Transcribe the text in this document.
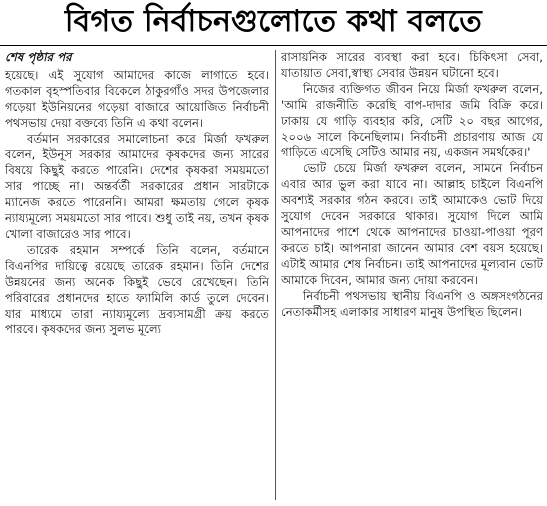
বিগত নির্বাচনগুলোতে কথা বলতে

শেষ পৃষ্ঠার পর

হয়েছে। এই সুযোগ আমাদের কাজে লাগাতে হবে। গতকাল বৃহস্পতিবার বিকেলে ঠাকুরগাঁও সদর উপজেলার গড়েয়া ইউনিয়নের গড়েয়া বাজারে আয়োজিত নির্বাচনী পথসভায় দেয়া বক্তব্যে তিনি এ কথা বলেন।

বর্তমান সরকারের সমালোচনা করে মির্জা ফখরুল বলেন, ইউনূস সরকার আমাদের কৃষকদের জন্য সারের বিষয়ে কিছুই করতে পারেনি। দেশের কৃষকরা সময়মতো সার পাচ্ছে না। অন্তর্বর্তী সরকারের প্রধান সারটাকে ম্যানেজ করতে পারেননি। আমরা ক্ষমতায় গেলে কৃষক ন্যায্যমূল্যে সময়মতো সার পাবে। শুধু তাই নয়, তখন কৃষক খোলা বাজারেও সার পাবে।

তারেক রহমান সম্পর্কে তিনি বলেন, বর্তমানে বিএনপির দায়িত্বে রয়েছে তারেক রহমান। তিনি দেশের উন্নয়নের জন্য অনেক কিছুই ভেবে রেখেছেন। তিনি পরিবারের প্রধানদের হাতে ফ্যামিলি কার্ড তুলে দেবেন। যার মাধ্যমে তারা ন্যায্যমূল্যে দ্রব্যসামগ্রী ক্রয় করতে পারবে। কৃষকদের জন্য সুলভ মূল্যে

রাসায়নিক সারের ব্যবস্থা করা হবে। চিকিৎসা সেবা, যাতায়াত সেবা,স্বাস্থ্য সেবার উন্নয়ন ঘটানো হবে।

নিজের ব্যক্তিগত জীবন নিয়ে মির্জা ফখরুল বলেন, 'আমি রাজনীতি করেছি বাপ-দাদার জমি বিক্রি করে। ঢাকায় যে গাড়ি ব্যবহার করি, সেটি ২০ বছর আগের, ২০০৬ সালে কিনেছিলাম। নির্বাচনী প্রচারণায় আজ যে গাড়িতে এসেছি সেটিও আমার নয়, একজন সমর্থকের।'

ভোট চেয়ে মির্জা ফখরুল বলেন, সামনে নির্বাচন এবার আর ভুল করা যাবে না। আল্লাহ চাইলে বিএনপি অবশ্যই সরকার গঠন করবে। তাই আমাকেও ভোট দিয়ে সুযোগ দেবেন সরকারে থাকার। সুযোগ দিলে আমি আপনাদের পাশে থেকে আপনাদের চাওয়া-পাওয়া পূরণ করতে চাই। আপনারা জানেন আমার বেশ বয়স হয়েছে। এটাই আমার শেষ নির্বাচন। তাই আপনাদের মূল্যবান ভোট আমাকে দিবেন, আমার জন্য দোয়া করবেন।

নির্বাচনী পথসভায় স্থানীয় বিএনপি ও অঙ্গসংগঠনের নেতাকর্মীসহ এলাকার সাধারণ মানুষ উপস্থিত ছিলেন।
